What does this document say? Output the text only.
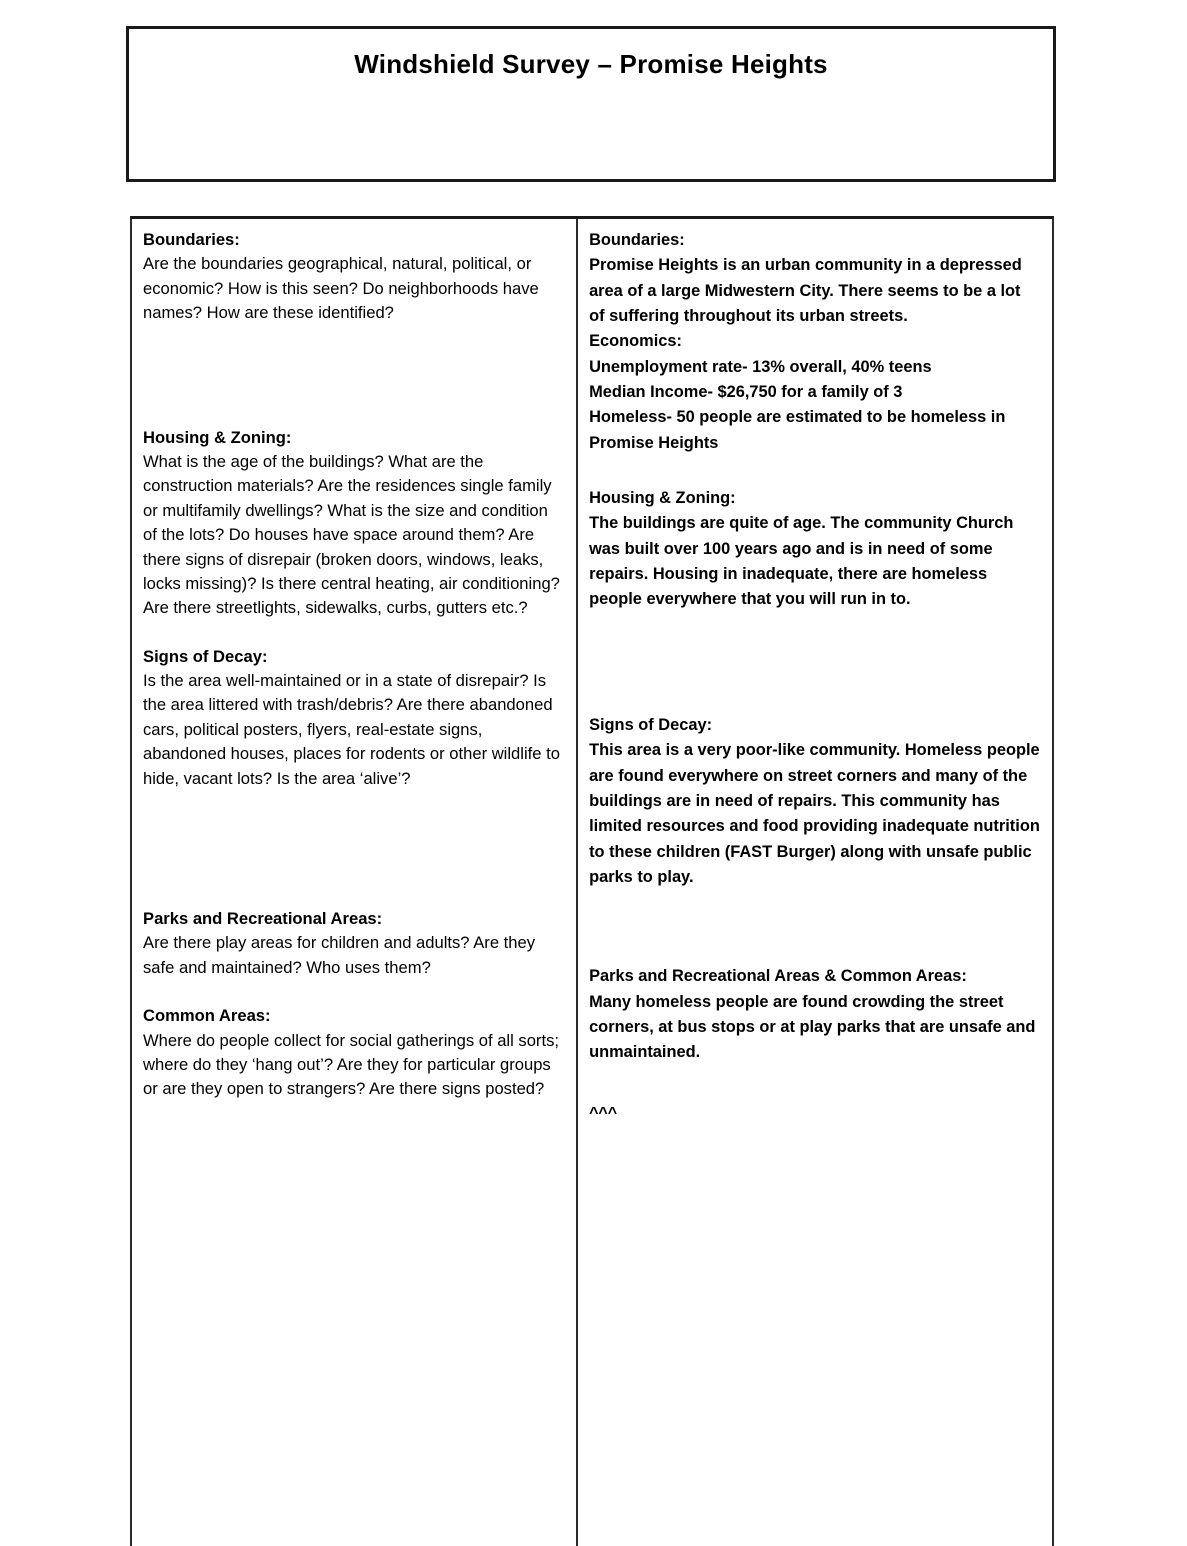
Windshield Survey – Promise Heights
Boundaries:
Are the boundaries geographical, natural, political, or economic? How is this seen? Do neighborhoods have names? How are these identified?
Housing & Zoning:
What is the age of the buildings? What are the construction materials? Are the residences single family or multifamily dwellings? What is the size and condition of the lots? Do houses have space around them? Are there signs of disrepair (broken doors, windows, leaks, locks missing)? Is there central heating, air conditioning? Are there streetlights, sidewalks, curbs, gutters etc.?
Signs of Decay:
Is the area well-maintained or in a state of disrepair? Is the area littered with trash/debris? Are there abandoned cars, political posters, flyers, real-estate signs, abandoned houses, places for rodents or other wildlife to hide, vacant lots? Is the area ‘alive’?
Parks and Recreational Areas:
Are there play areas for children and adults? Are they safe and maintained? Who uses them?
Common Areas:
Where do people collect for social gatherings of all sorts; where do they ‘hang out’? Are they for particular groups or are they open to strangers? Are there signs posted?
Boundaries:
Promise Heights is an urban community in a depressed area of a large Midwestern City. There seems to be a lot of suffering throughout its urban streets.
Economics:
Unemployment rate- 13% overall, 40% teens
Median Income- $26,750 for a family of 3
Homeless- 50 people are estimated to be homeless in Promise Heights
Housing & Zoning:
The buildings are quite of age. The community Church was built over 100 years ago and is in need of some repairs. Housing in inadequate, there are homeless people everywhere that you will run in to.
Signs of Decay:
This area is a very poor-like community. Homeless people are found everywhere on street corners and many of the buildings are in need of repairs. This community has limited resources and food providing inadequate nutrition to these children (FAST Burger) along with unsafe public parks to play.
Parks and Recreational Areas & Common Areas:
Many homeless people are found crowding the street corners, at bus stops or at play parks that are unsafe and unmaintained.
^^^
